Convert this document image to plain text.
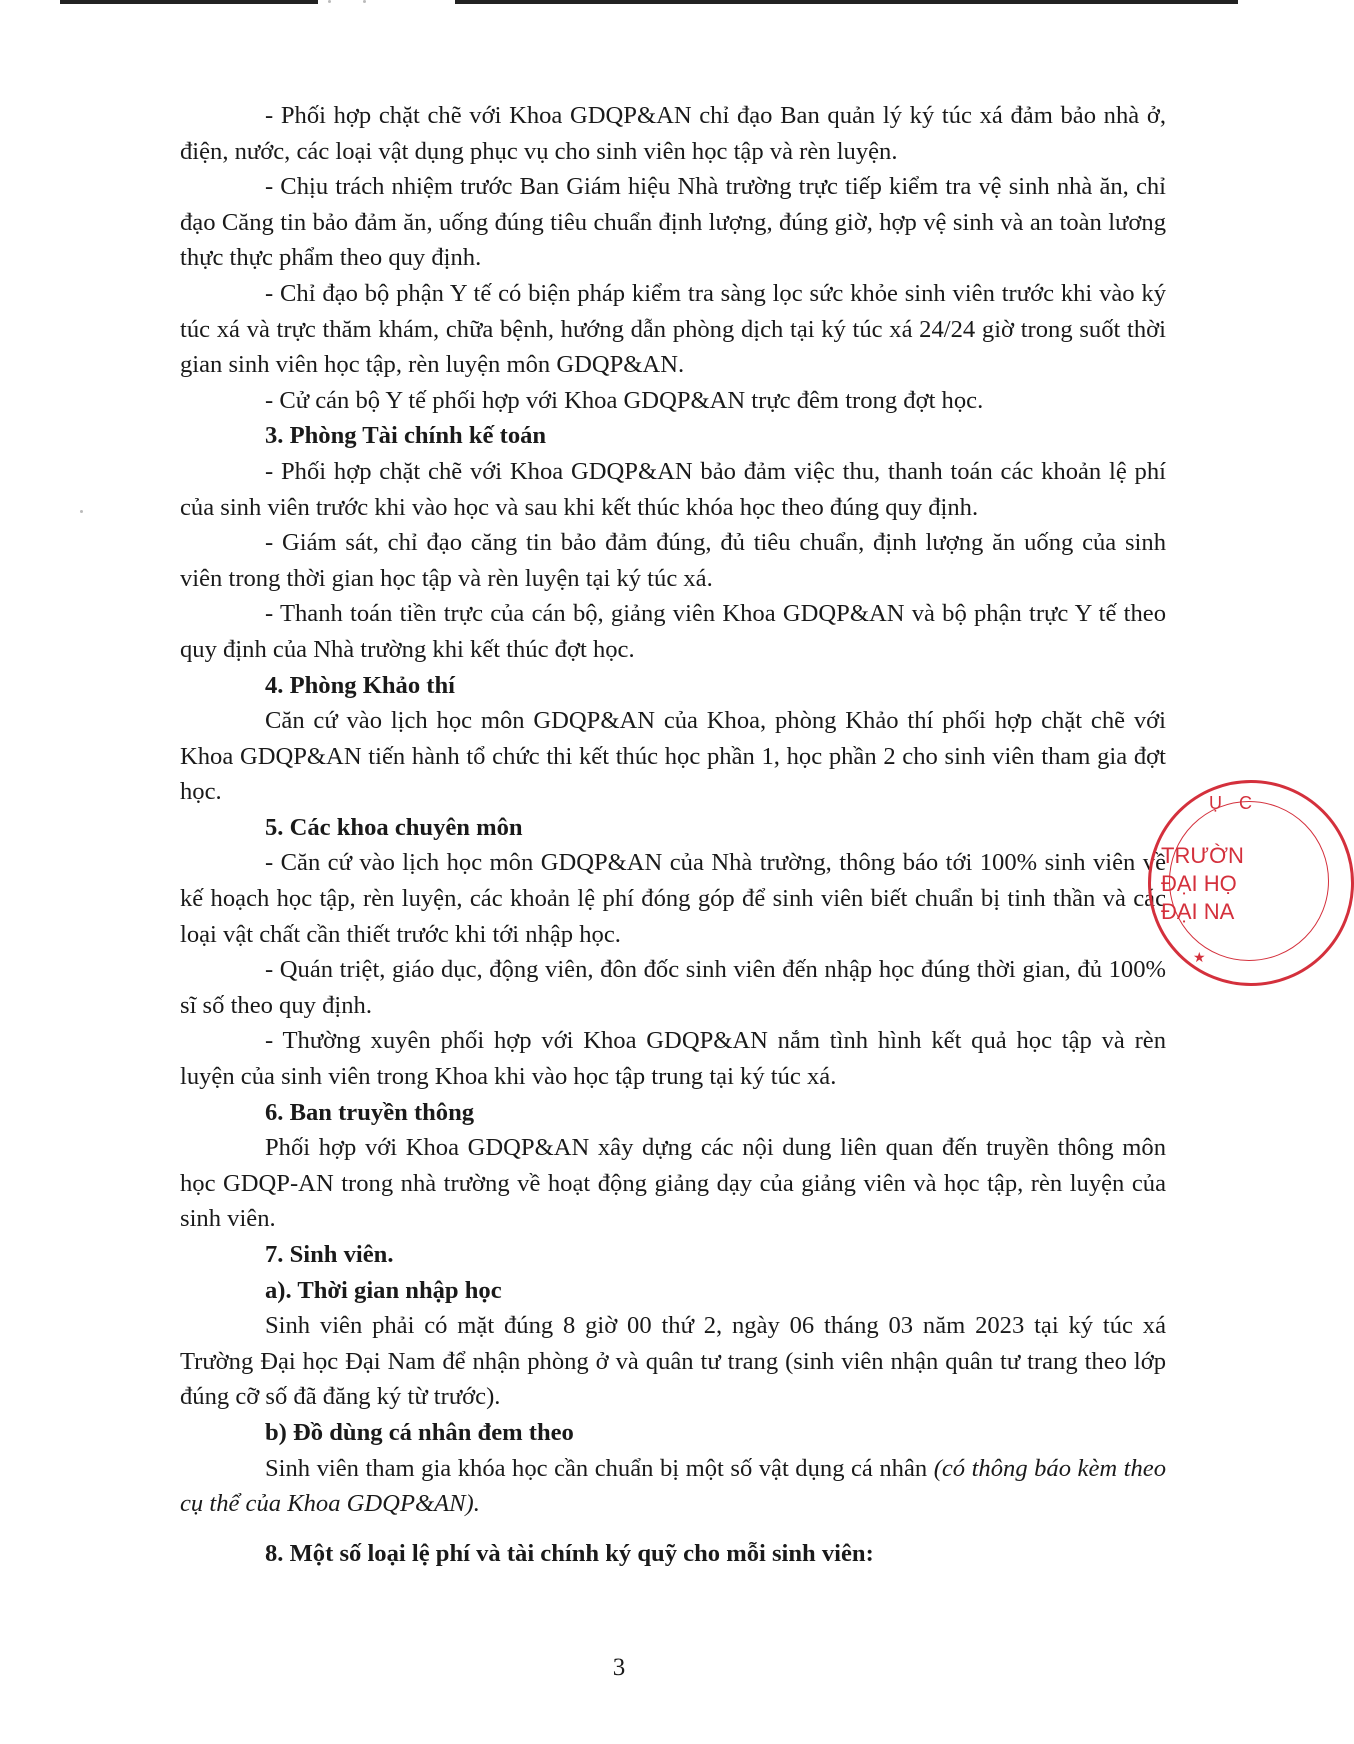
- Phối hợp chặt chẽ với Khoa GDQP&AN chỉ đạo Ban quản lý ký túc xá đảm bảo nhà ở, điện, nước, các loại vật dụng phục vụ cho sinh viên học tập và rèn luyện.

- Chịu trách nhiệm trước Ban Giám hiệu Nhà trường trực tiếp kiểm tra vệ sinh nhà ăn, chỉ đạo Căng tin bảo đảm ăn, uống đúng tiêu chuẩn định lượng, đúng giờ, hợp vệ sinh và an toàn lương thực thực phẩm theo quy định.

- Chỉ đạo bộ phận Y tế có biện pháp kiểm tra sàng lọc sức khỏe sinh viên trước khi vào ký túc xá và trực thăm khám, chữa bệnh, hướng dẫn phòng dịch tại ký túc xá 24/24 giờ trong suốt thời gian sinh viên học tập, rèn luyện môn GDQP&AN.

- Cử cán bộ Y tế phối hợp với Khoa GDQP&AN trực đêm trong đợt học.

3. Phòng Tài chính kế toán

- Phối hợp chặt chẽ với Khoa GDQP&AN bảo đảm việc thu, thanh toán các khoản lệ phí của sinh viên trước khi vào học và sau khi kết thúc khóa học theo đúng quy định.

- Giám sát, chỉ đạo căng tin bảo đảm đúng, đủ tiêu chuẩn, định lượng ăn uống của sinh viên trong thời gian học tập và rèn luyện tại ký túc xá.

- Thanh toán tiền trực của cán bộ, giảng viên Khoa GDQP&AN và bộ phận trực Y tế theo quy định của Nhà trường khi kết thúc đợt học.

4. Phòng Khảo thí

Căn cứ vào lịch học môn GDQP&AN của Khoa, phòng Khảo thí phối hợp chặt chẽ với Khoa GDQP&AN tiến hành tổ chức thi kết thúc học phần 1, học phần 2 cho sinh viên tham gia đợt học.

5. Các khoa chuyên môn

- Căn cứ vào lịch học môn GDQP&AN của Nhà trường, thông báo tới 100% sinh viên về kế hoạch học tập, rèn luyện, các khoản lệ phí đóng góp để sinh viên biết chuẩn bị tinh thần và các loại vật chất cần thiết trước khi tới nhập học.

- Quán triệt, giáo dục, động viên, đôn đốc sinh viên đến nhập học đúng thời gian, đủ 100% sĩ số theo quy định.

- Thường xuyên phối hợp với Khoa GDQP&AN nắm tình hình kết quả học tập và rèn luyện của sinh viên trong Khoa khi vào học tập trung tại ký túc xá.

6. Ban truyền thông

Phối hợp với Khoa GDQP&AN xây dựng các nội dung liên quan đến truyền thông môn học GDQP-AN trong nhà trường về hoạt động giảng dạy của giảng viên và học tập, rèn luyện của sinh viên.

7. Sinh viên.

a). Thời gian nhập học

Sinh viên phải có mặt đúng 8 giờ 00 thứ 2, ngày 06 tháng 03 năm 2023 tại ký túc xá Trường Đại học Đại Nam để nhận phòng ở và quân tư trang (sinh viên nhận quân tư trang theo lớp đúng cỡ số đã đăng ký từ trước).

b) Đồ dùng cá nhân đem theo

Sinh viên tham gia khóa học cần chuẩn bị một số vật dụng cá nhân (có thông báo kèm theo cụ thể của Khoa GDQP&AN).

8. Một số loại lệ phí và tài chính ký quỹ cho mỗi sinh viên:

3
Ụ C
TRƯỜN
ĐẠI HỌ
ĐẠI NA
★
